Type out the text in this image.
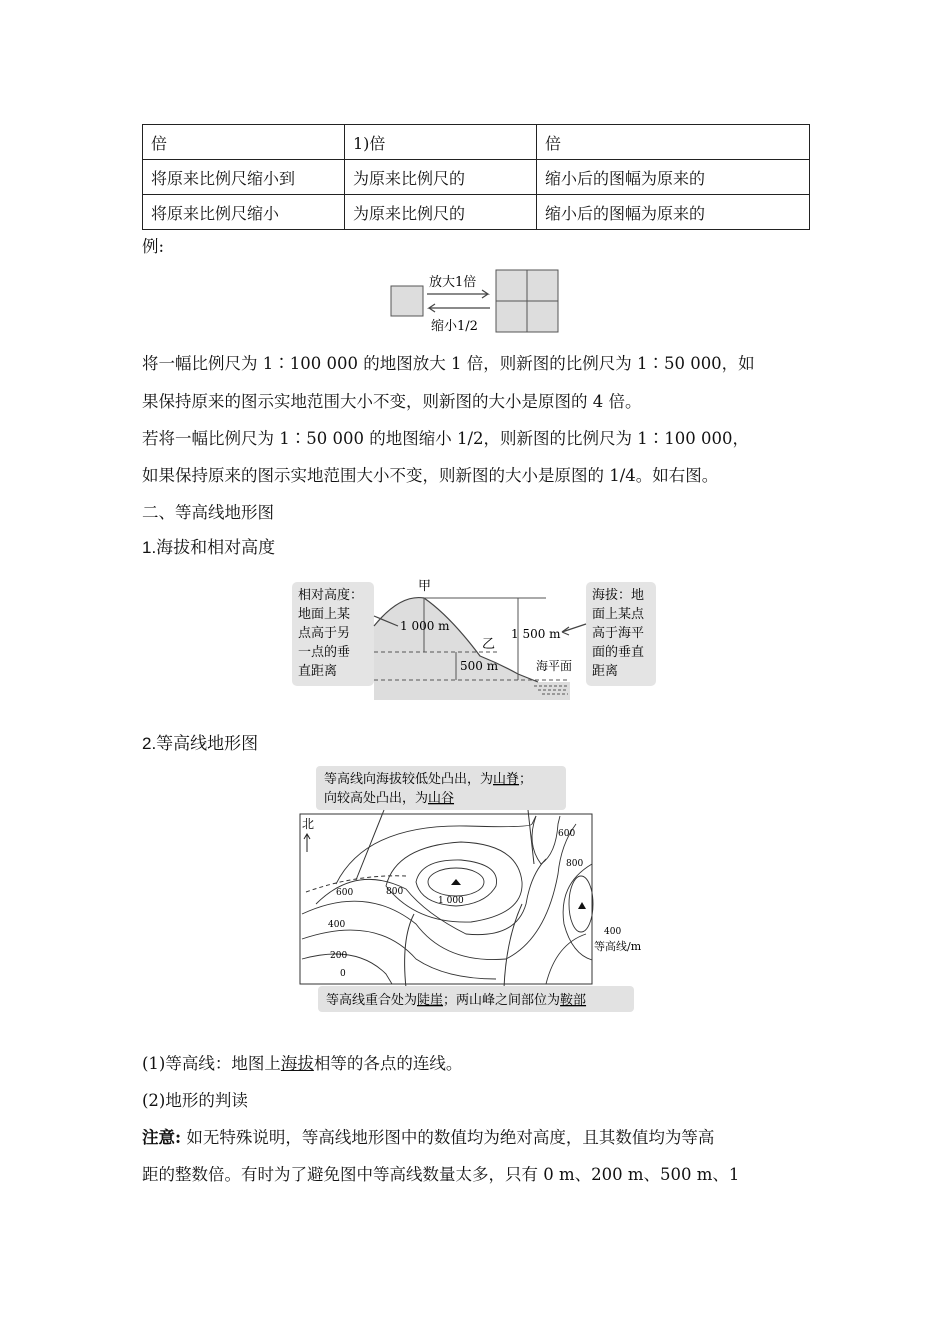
倍	1)倍	倍
将原来比例尺缩小到	为原来比例尺的	缩小后的图幅为原来的
将原来比例尺缩小	为原来比例尺的	缩小后的图幅为原来的
例:
放大1倍
缩小1/2
将一幅比例尺为 1∶100 000 的地图放大 1 倍，则新图的比例尺为 1∶50 000，如
果保持原来的图示实地范围大小不变，则新图的大小是原图的 4 倍。
若将一幅比例尺为 1∶50 000 的地图缩小 1/2，则新图的比例尺为 1∶100 000，
如果保持原来的图示实地范围大小不变，则新图的大小是原图的 1/4。如右图。
二、等高线地形图
1.海拔和相对高度
相对高度：
地面上某
点高于另
一点的垂
直距离
海拔：地
面上某点
高于海平
面的垂直
距离
甲
乙
1 000 m
500 m
1 500 m
海平面
2.等高线地形图
等高线向海拔较低处凸出，为山脊；
向较高处凸出，为山谷
北
600
400
200
0
800
1 000
600
800
400
等高线/m
等高线重合处为陡崖；两山峰之间部位为鞍部
(1)等高线：地图上海拔相等的各点的连线。
(2)地形的判读
注意: 如无特殊说明，等高线地形图中的数值均为绝对高度，且其数值均为等高
距的整数倍。有时为了避免图中等高线数量太多，只有 0 m、200 m、500 m、1
